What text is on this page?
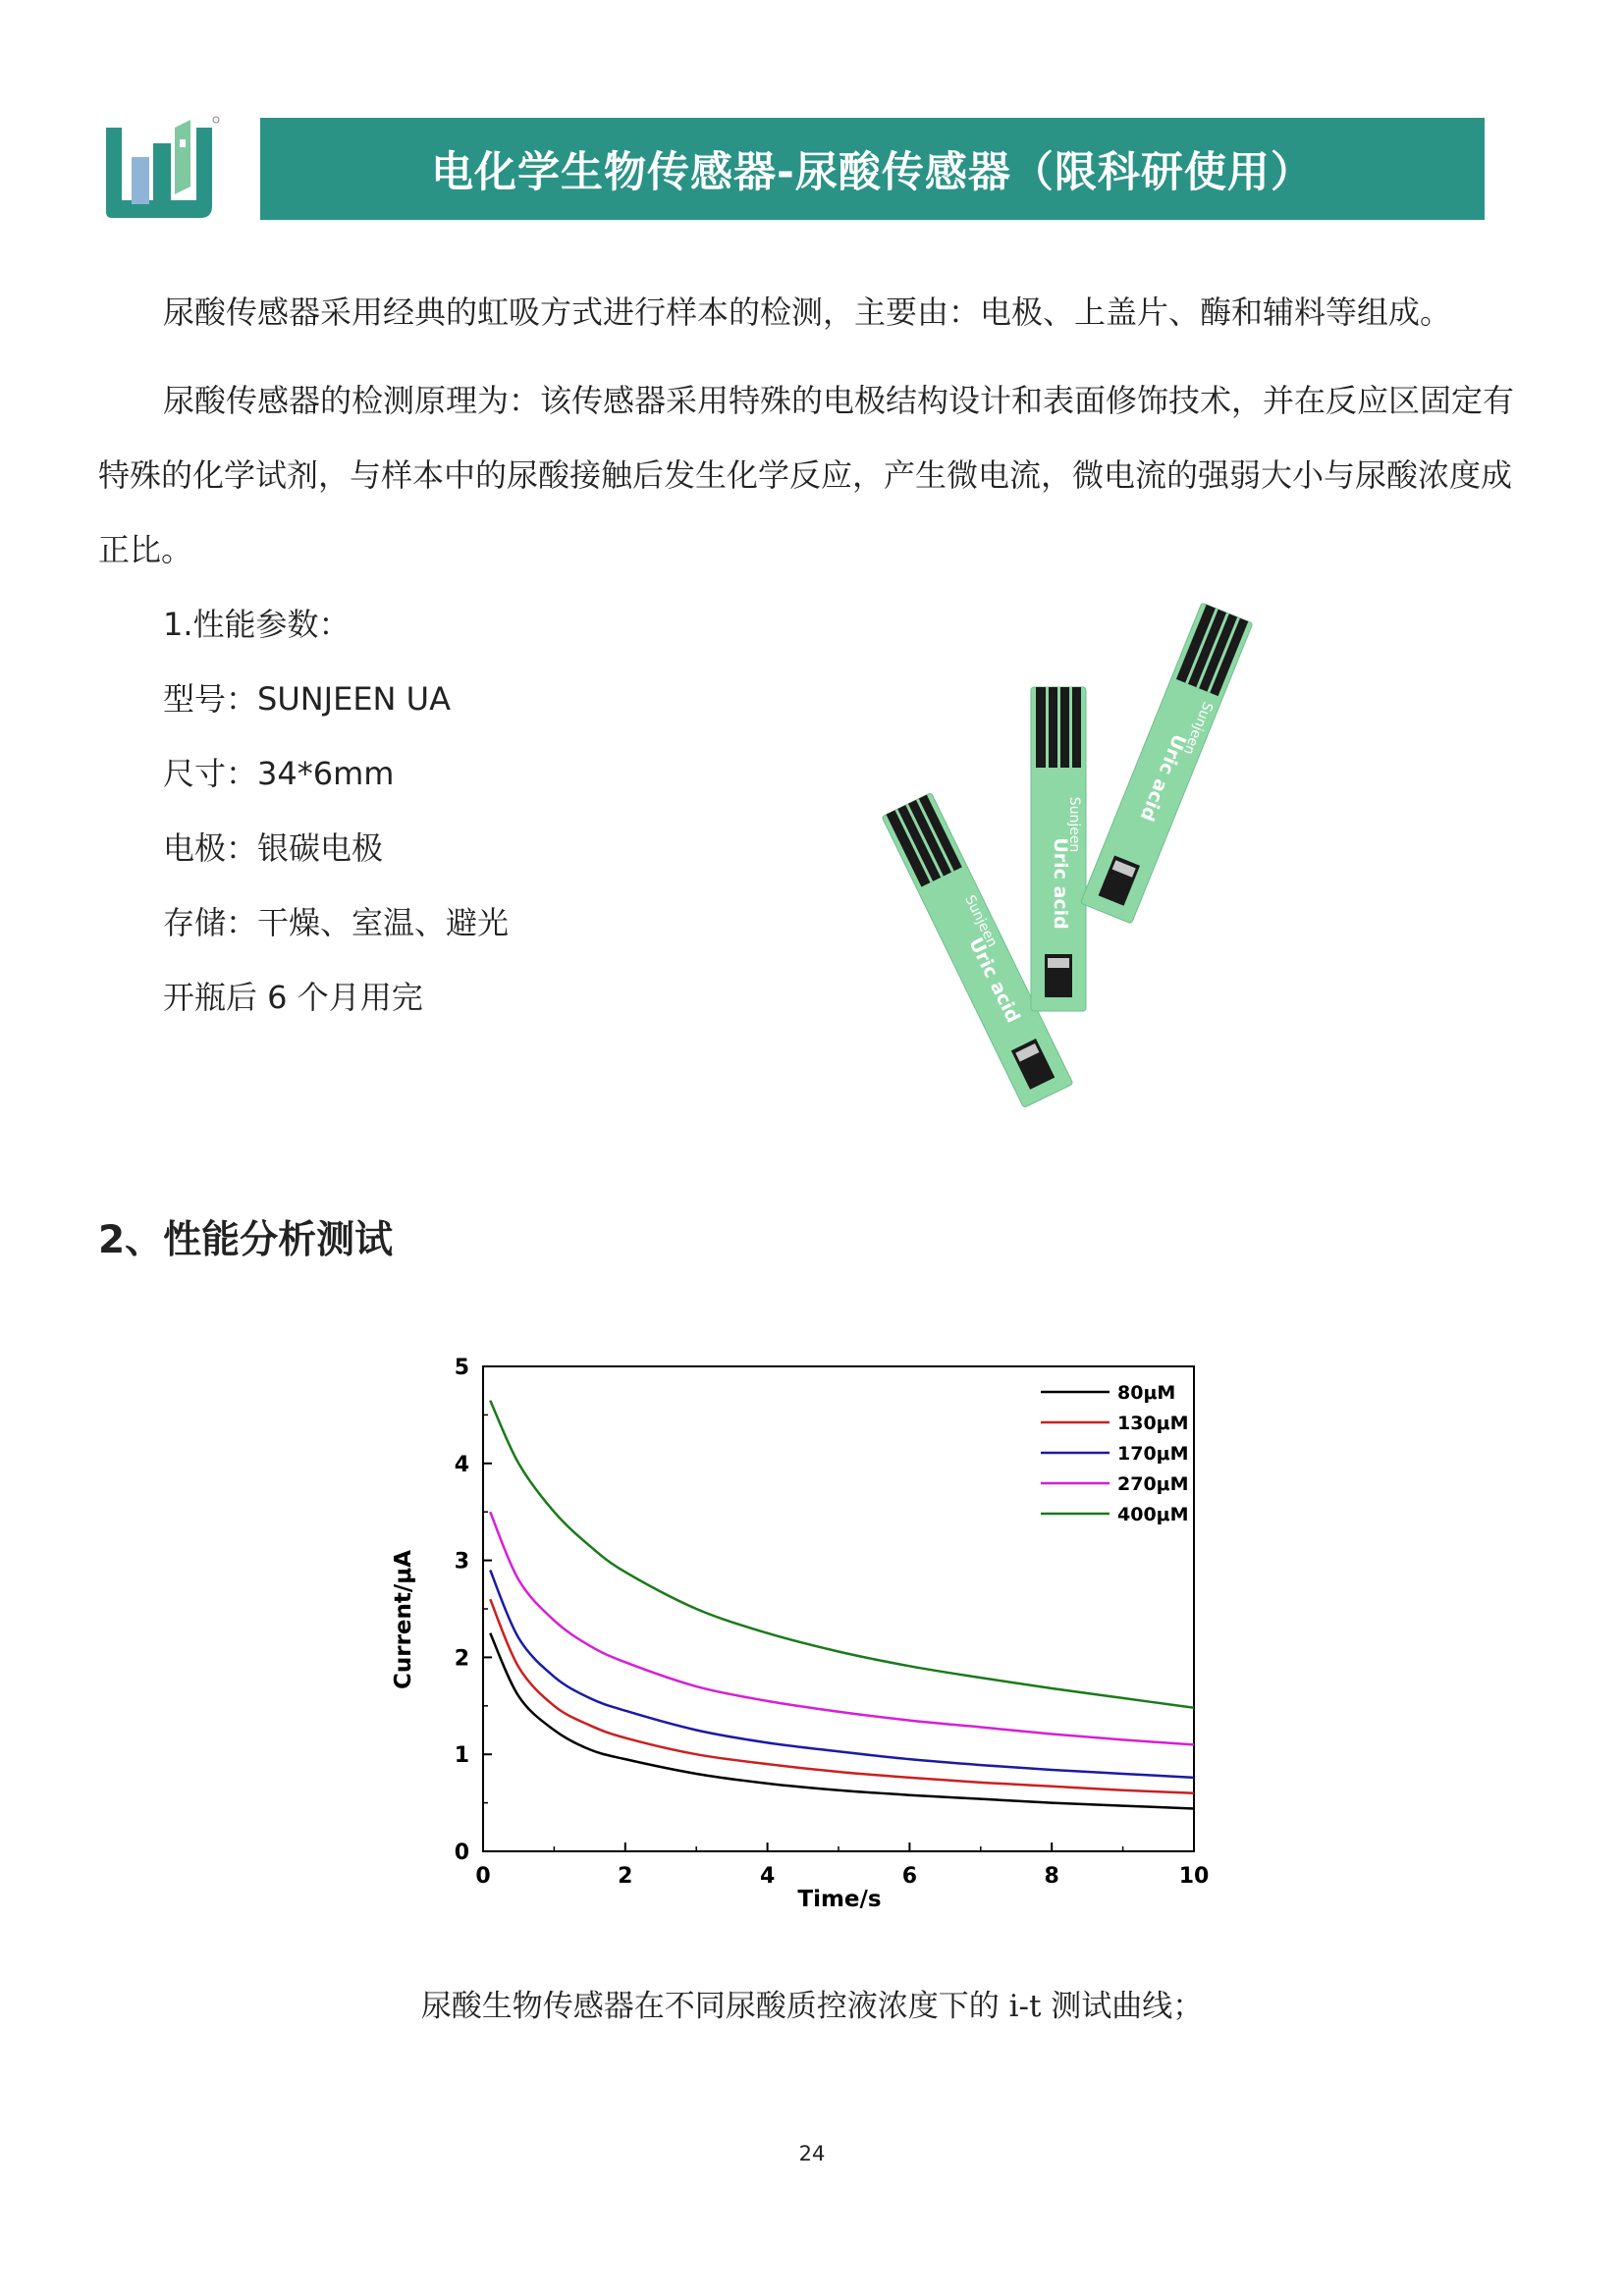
电化学生物传感器-尿酸传感器（限科研使用）
尿酸传感器采用经典的虹吸方式进行样本的检测，主要由：电极、上盖片、酶和辅料等组成。
尿酸传感器的检测原理为：该传感器采用特殊的电极结构设计和表面修饰技术，并在反应区固定有特殊的化学试剂，与样本中的尿酸接触后发生化学反应，产生微电流，微电流的强弱大小与尿酸浓度成正比。
1.性能参数：
型号：SUNJEEN UA
尺寸：34*6mm
电极：银碳电极
存储：干燥、室温、避光
开瓶后 6 个月用完	Uric acid
Sunjeen	Uric acid
Sunjeen
Uric acid
Sunjeen
2、性能分析测试
0	2	4	6	8	10
0
1
2
3
4
5
80μM
130μM
170μM
270μM
400μM
Time/s
Current/μA
尿酸生物传感器在不同尿酸质控液浓度下的 i-t 测试曲线；
24
